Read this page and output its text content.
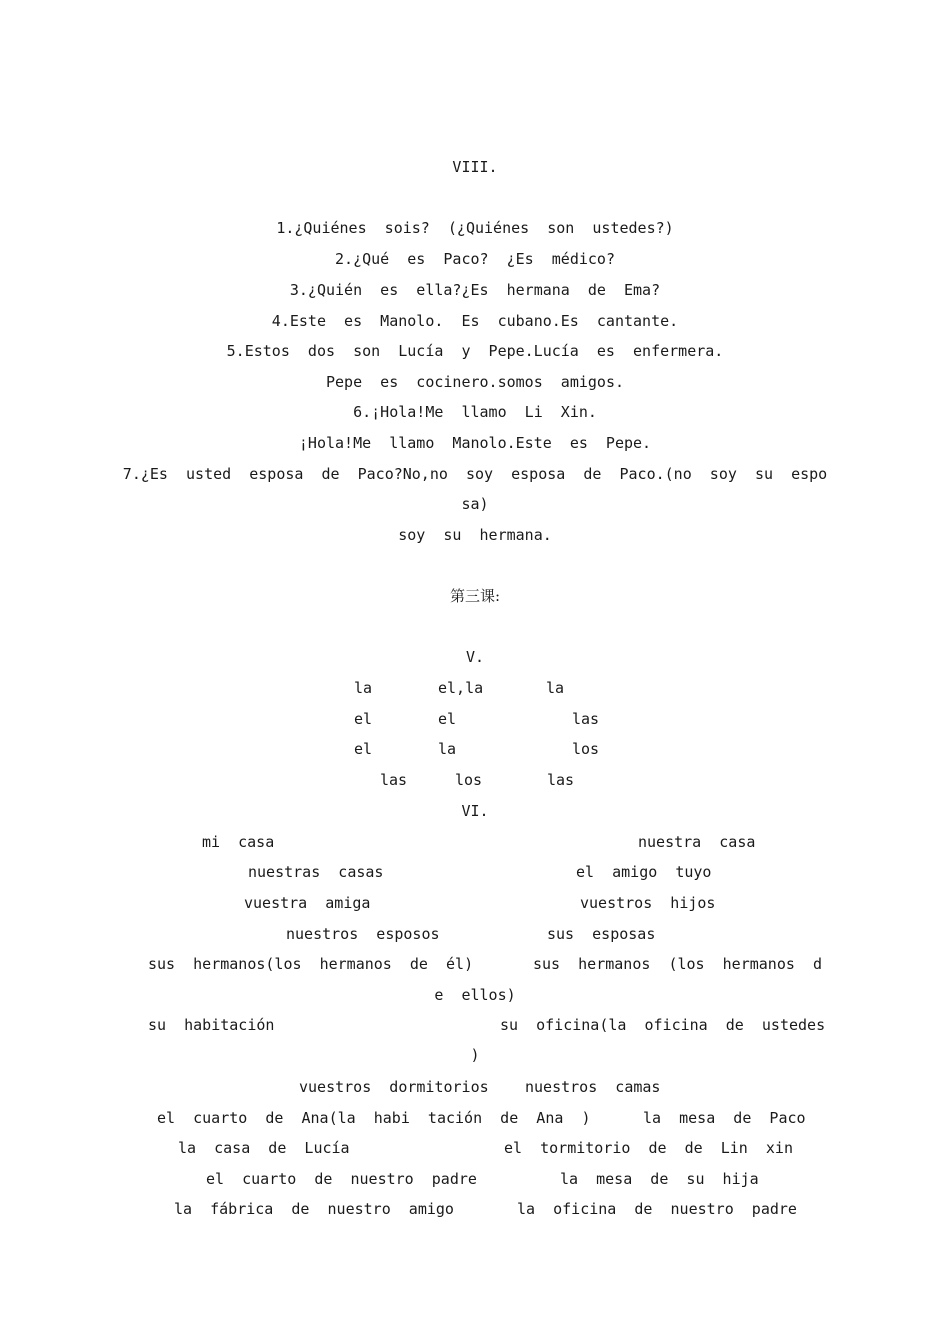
VIII.
1.¿Quiénes  sois?  (¿Quiénes  son  ustedes?)
2.¿Qué  es  Paco?  ¿Es  médico?
3.¿Quién  es  ella?¿Es  hermana  de  Ema?
4.Este  es  Manolo.  Es  cubano.Es  cantante.
5.Estos  dos  son  Lucía  y  Pepe.Lucía  es  enfermera.
Pepe  es  cocinero.somos  amigos.
6.¡Hola!Me  llamo  Li  Xin.
¡Hola!Me  llamo  Manolo.Este  es  Pepe.
7.¿Es  usted  esposa  de  Paco?No,no  soy  esposa  de  Paco.(no  soy  su  espo
sa)
soy  su  hermana.
第三课:
V.
la	el,la	la
el	el	las
el	la	los
las	los	las
VI.
mi  casa	nuestra  casa
nuestras  casas	el  amigo  tuyo
vuestra  amiga	vuestros  hijos
nuestros  esposos	sus  esposas
sus  hermanos(los  hermanos  de  él)	sus  hermanos  (los  hermanos  d
e  ellos)
su  habitación	su  oficina(la  oficina  de  ustedes
)
vuestros  dormitorios nuestros  camas
el  cuarto  de  Ana(la  habi  tación  de  Ana  )	la  mesa  de  Paco
la  casa  de  Lucía	el  tormitorio  de  de  Lin  xin
el  cuarto  de  nuestro  padre	la  mesa  de  su  hija
la  fábrica  de  nuestro  amigo	la  oficina  de  nuestro  padre
